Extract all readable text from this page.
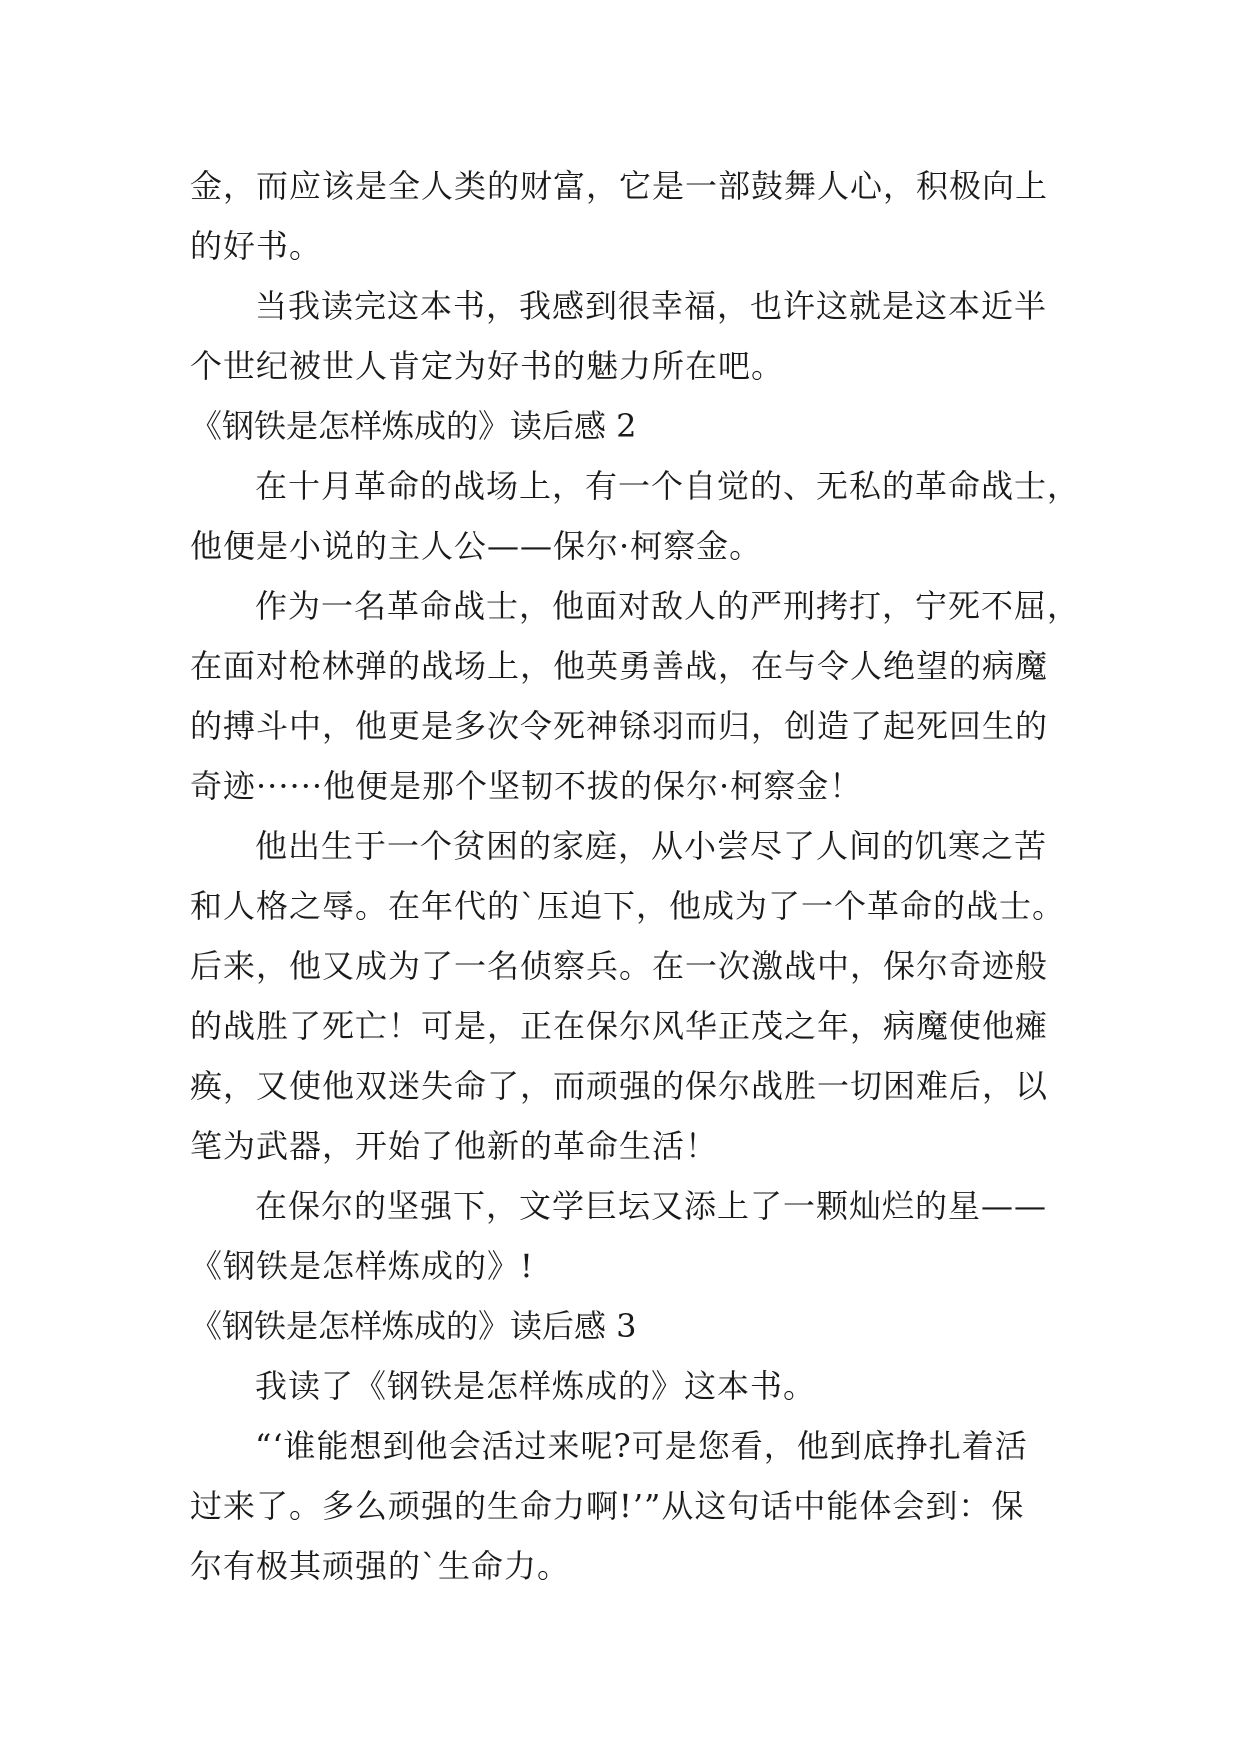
金，而应该是全人类的财富，它是一部鼓舞人心，积极向上
的好书。
当我读完这本书，我感到很幸福，也许这就是这本近半
个世纪被世人肯定为好书的魅力所在吧。
《钢铁是怎样炼成的》读后感 2
在十月革命的战场上，有一个自觉的、无私的革命战士，
他便是小说的主人公——保尔·柯察金。
作为一名革命战士，他面对敌人的严刑拷打，宁死不屈，
在面对枪林弹的战场上，他英勇善战，在与令人绝望的病魔
的搏斗中，他更是多次令死神铩羽而归，创造了起死回生的
奇迹······他便是那个坚韧不拔的保尔·柯察金！
他出生于一个贫困的家庭，从小尝尽了人间的饥寒之苦
和人格之辱。在年代的`压迫下，他成为了一个革命的战士。
后来，他又成为了一名侦察兵。在一次激战中，保尔奇迹般
的战胜了死亡！可是，正在保尔风华正茂之年，病魔使他瘫
痪，又使他双迷失命了，而顽强的保尔战胜一切困难后，以
笔为武器，开始了他新的革命生活！
在保尔的坚强下，文学巨坛又添上了一颗灿烂的星——
《钢铁是怎样炼成的》!
《钢铁是怎样炼成的》读后感 3
我读了《钢铁是怎样炼成的》这本书。
“‘谁能想到他会活过来呢?可是您看，他到底挣扎着活
过来了。多么顽强的生命力啊!’”从这句话中能体会到：保
尔有极其顽强的`生命力。
